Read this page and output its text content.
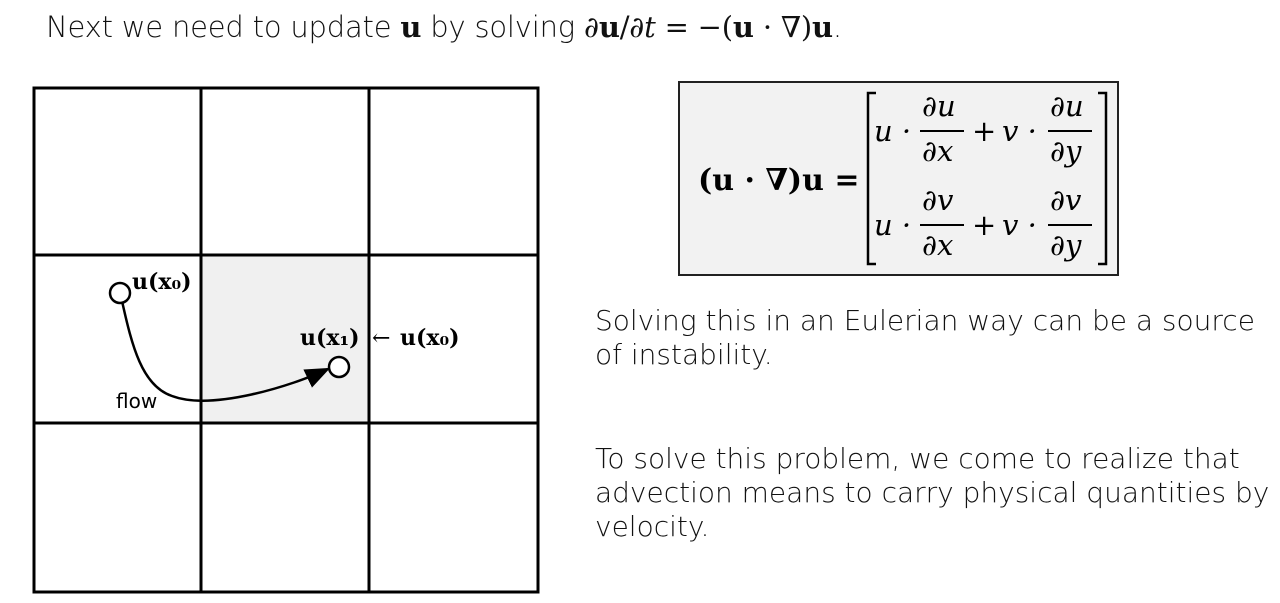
Next we need to update u by solving ∂u/∂t = −(u · ∇)u.
u(x₀)
u(x₁) ← u(x₀)
flow
(u · ∇)u =
u ·
∂u
∂x
+ v ·
∂u
∂y
u ·
∂v
∂x
+ v ·
∂v
∂y
Solving this in an Eulerian way can be a source of instability.
To solve this problem, we come to realize that advection means to carry physical quantities by velocity.
